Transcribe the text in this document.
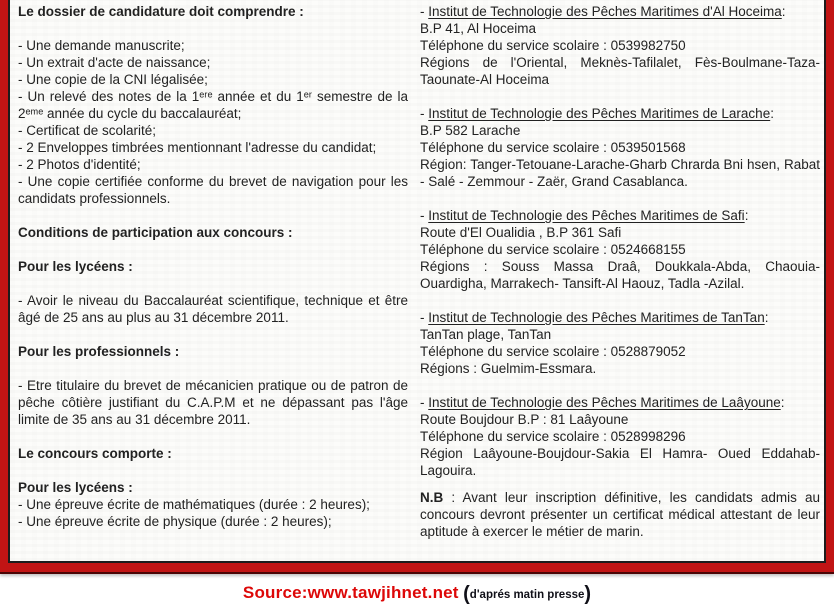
Le dossier de candidature doit comprendre :

- Une demande manuscrite;

- Un extrait d'acte de naissance;

- Une copie de la CNI légalisée;

- Un relevé des notes de la 1ᵉʳᵉ année et du 1ᵉʳ semestre de la 2ᵉᵐᵉ année du cycle du baccalauréat;

- Certificat de scolarité;

- 2 Enveloppes timbrées mentionnant l'adresse du candidat;

- 2 Photos d'identité;

- Une copie certifiée conforme du brevet de navigation pour les candidats professionnels.

Conditions de participation aux concours :

Pour les lycéens :

- Avoir le niveau du Baccalauréat scientifique, technique et être âgé de 25 ans au plus au 31 décembre 2011.

Pour les professionnels :

- Etre titulaire du brevet de mécanicien pratique ou de patron de pêche côtière justifiant du C.A.P.M et ne dépassant pas l'âge limite de 35 ans au 31 décembre 2011.

Le concours comporte :

Pour les lycéens :

- Une épreuve écrite de mathématiques (durée : 2 heures);

- Une épreuve écrite de physique (durée : 2 heures);

- Institut de Technologie des Pêches Maritimes d'Al Hoceima:

B.P 41, Al Hoceima

Téléphone du service scolaire : 0539982750

Régions de l'Oriental, Meknès-Tafilalet, Fès-Boulmane-Taza-Taounate-Al Hoceima

- Institut de Technologie des Pêches Maritimes de Larache:

B.P 582 Larache

Téléphone du service scolaire : 0539501568

Région: Tanger-Tetouane-Larache-Gharb Chrarda Bni hsen, Rabat - Salé - Zemmour - Zaër, Grand Casablanca.

- Institut de Technologie des Pêches Maritimes de Safi:

Route d'El Oualidia , B.P 361 Safi

Téléphone du service scolaire : 0524668155

Régions : Souss Massa Draâ, Doukkala-Abda, Chaouia-Ouardigha, Marrakech- Tansift-Al Haouz, Tadla -Azilal.

- Institut de Technologie des Pêches Maritimes de TanTan:

TanTan plage, TanTan

Téléphone du service scolaire : 0528879052

Régions : Guelmim-Essmara.

- Institut de Technologie des Pêches Maritimes de Laâyoune:

Route Boujdour B.P : 81 Laâyoune

Téléphone du service scolaire : 0528998296

Région Laâyoune-Boujdour-Sakia El Hamra- Oued Eddahab-Lagouira.

N.B : Avant leur inscription définitive, les candidats admis au concours devront présenter un certificat médical attestant de leur aptitude à exercer le métier de marin.

Source:www.tawjihnet.net (d'aprés matin presse)
